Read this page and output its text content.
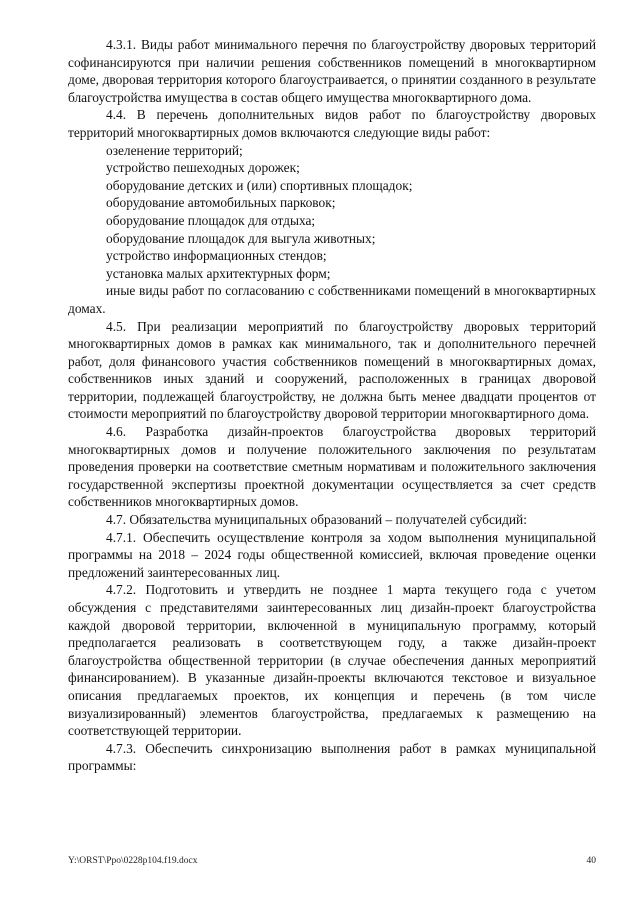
4.3.1. Виды работ минимального перечня по благоустройству дворовых территорий софинансируются при наличии решения собственников помещений в многоквартирном доме, дворовая территория которого благоустраивается, о принятии созданного в результате благоустройства имущества в состав общего имущества многоквартирного дома.

4.4. В перечень дополнительных видов работ по благоустройству дворовых территорий многоквартирных домов включаются следующие виды работ:

озеленение территорий;

устройство пешеходных дорожек;

оборудование детских и (или) спортивных площадок;

оборудование автомобильных парковок;

оборудование площадок для отдыха;

оборудование площадок для выгула животных;

устройство информационных стендов;

установка малых архитектурных форм;

иные виды работ по согласованию с собственниками помещений в многоквартирных домах.

4.5. При реализации мероприятий по благоустройству дворовых территорий многоквартирных домов в рамках как минимального, так и дополнительного перечней работ, доля финансового участия собственников помещений в многоквартирных домах, собственников иных зданий и сооружений, расположенных в границах дворовой территории, подлежащей благоустройству, не должна быть менее двадцати процентов от стоимости мероприятий по благоустройству дворовой территории многоквартирного дома.

4.6. Разработка дизайн-проектов благоустройства дворовых территорий многоквартирных домов и получение положительного заключения по результатам проведения проверки на соответствие сметным нормативам и положительного заключения государственной экспертизы проектной документации осуществляется за счет средств собственников многоквартирных домов.

4.7. Обязательства муниципальных образований – получателей субсидий:

4.7.1. Обеспечить осуществление контроля за ходом выполнения муниципальной программы на 2018 – 2024 годы общественной комиссией, включая проведение оценки предложений заинтересованных лиц.

4.7.2. Подготовить и утвердить не позднее 1 марта текущего года с учетом обсуждения с представителями заинтересованных лиц дизайн-проект благоустройства каждой дворовой территории, включенной в муниципальную программу, который предполагается реализовать в соответствующем году, а также дизайн-проект благоустройства общественной территории (в случае обеспечения данных мероприятий финансированием). В указанные дизайн-проекты включаются текстовое и визуальное описания предлагаемых проектов, их концепция и перечень (в том числе визуализированный) элементов благоустройства, предлагаемых к размещению на соответствующей территории.

4.7.3. Обеспечить синхронизацию выполнения работ в рамках муниципальной программы:

Y:\ORST\Ppo\0228p104.f19.docx	40
